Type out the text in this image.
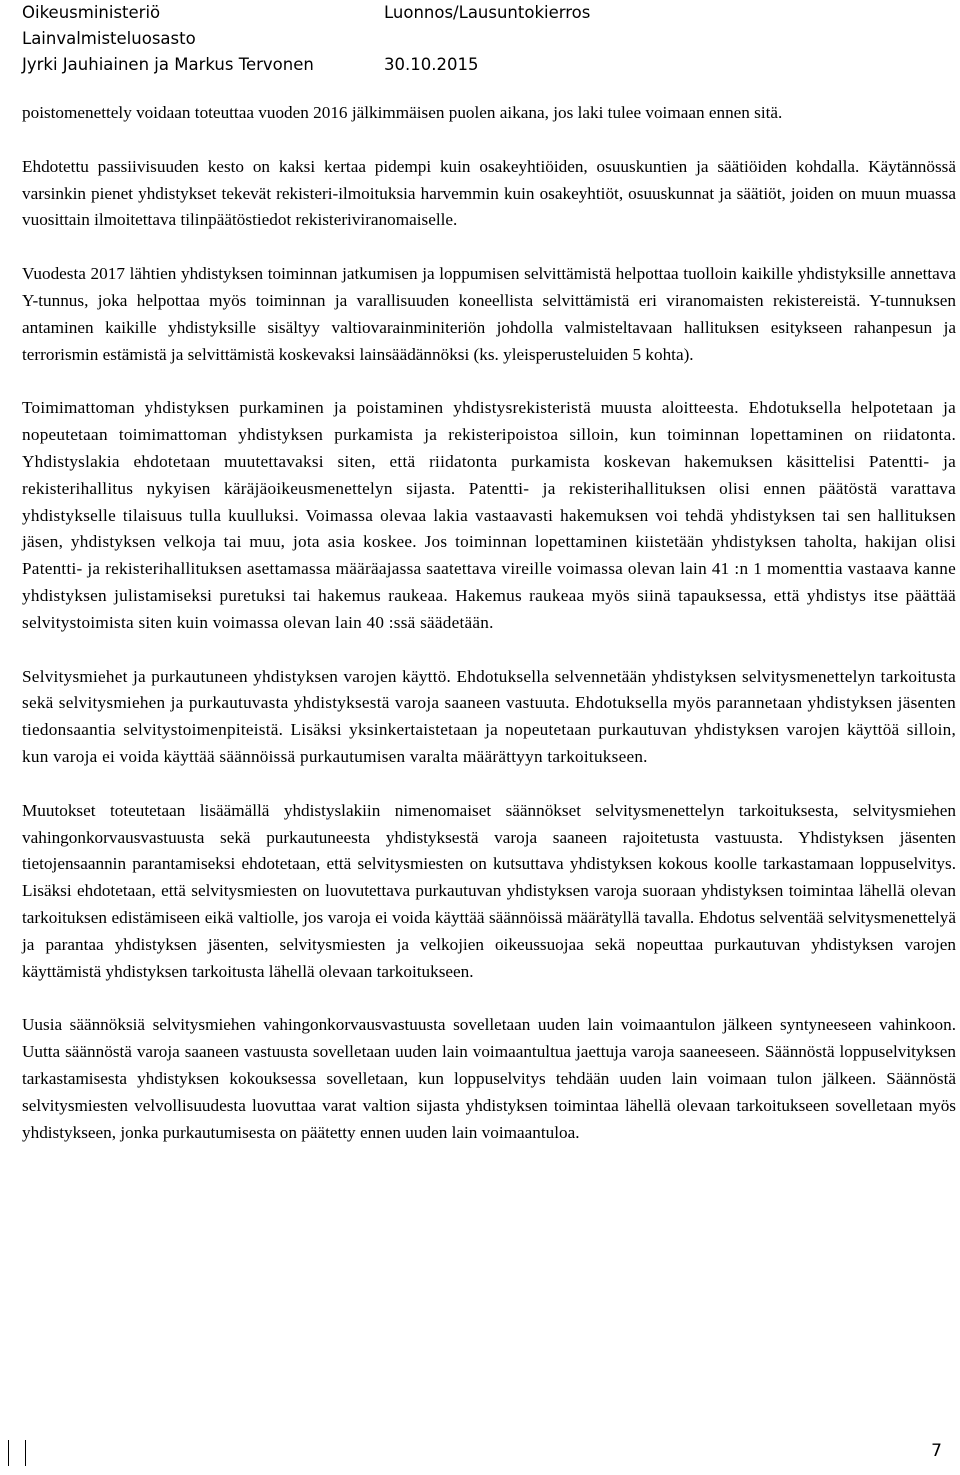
Oikeusministeriö	Luonnos/Lausuntokierros
Lainvalmisteluosasto
Jyrki Jauhiainen ja Markus Tervonen	30.10.2015

poistomenettely voidaan toteuttaa vuoden 2016 jälkimmäisen puolen aikana, jos laki tulee voimaan ennen sitä.

Ehdotettu passiivisuuden kesto on kaksi kertaa pidempi kuin osakeyhtiöiden, osuuskuntien ja säätiöiden kohdalla. Käytännössä varsinkin pienet yhdistykset tekevät rekisteri-ilmoituksia harvemmin kuin osakeyhtiöt, osuuskunnat ja säätiöt, joiden on muun muassa vuosittain ilmoitettava tilinpäätöstiedot rekisteriviranomaiselle.

Vuodesta 2017 lähtien yhdistyksen toiminnan jatkumisen ja loppumisen selvittämistä helpottaa tuolloin kaikille yhdistyksille annettava Y-tunnus, joka helpottaa myös toiminnan ja varallisuuden koneellista selvittämistä eri viranomaisten rekistereistä. Y-tunnuksen antaminen kaikille yhdistyksille sisältyy valtiovarainminiteriön johdolla valmisteltavaan hallituksen esitykseen rahanpesun ja terrorismin estämistä ja selvittämistä koskevaksi lainsäädännöksi (ks. yleisperusteluiden 5 kohta).

Toimimattoman yhdistyksen purkaminen ja poistaminen yhdistysrekisteristä muusta aloitteesta. Ehdotuksella helpotetaan ja nopeutetaan toimimattoman yhdistyksen purkamista ja rekisteripoistoa silloin, kun toiminnan lopettaminen on riidatonta. Yhdistyslakia ehdotetaan muutettavaksi siten, että riidatonta purkamista koskevan hakemuksen käsittelisi Patentti- ja rekisterihallitus nykyisen käräjäoikeusmenettelyn sijasta. Patentti- ja rekisterihallituksen olisi ennen päätöstä varattava yhdistykselle tilaisuus tulla kuulluksi. Voimassa olevaa lakia vastaavasti hakemuksen voi tehdä yhdistyksen tai sen hallituksen jäsen, yhdistyksen velkoja tai muu, jota asia koskee. Jos toiminnan lopettaminen kiistetään yhdistyksen taholta, hakijan olisi Patentti- ja rekisterihallituksen asettamassa määräajassa saatettava vireille voimassa olevan lain 41 :n 1 momenttia vastaava kanne yhdistyksen julistamiseksi puretuksi tai hakemus raukeaa. Hakemus raukeaa myös siinä tapauksessa, että yhdistys itse päättää selvitystoimista siten kuin voimassa olevan lain 40 :ssä säädetään.

Selvitysmiehet ja purkautuneen yhdistyksen varojen käyttö. Ehdotuksella selvennetään yhdistyksen selvitysmenettelyn tarkoitusta sekä selvitysmiehen ja purkautuvasta yhdistyksestä varoja saaneen vastuuta. Ehdotuksella myös parannetaan yhdistyksen jäsenten tiedonsaantia selvitystoimenpiteistä. Lisäksi yksinkertaistetaan ja nopeutetaan purkautuvan yhdistyksen varojen käyttöä silloin, kun varoja ei voida käyttää säännöissä purkautumisen varalta määrättyyn tarkoitukseen.

Muutokset toteutetaan lisäämällä yhdistyslakiin nimenomaiset säännökset selvitysmenettelyn tarkoituksesta, selvitysmiehen vahingonkorvausvastuusta sekä purkautuneesta yhdistyksestä varoja saaneen rajoitetusta vastuusta. Yhdistyksen jäsenten tietojensaannin parantamiseksi ehdotetaan, että selvitysmiesten on kutsuttava yhdistyksen kokous koolle tarkastamaan loppuselvitys. Lisäksi ehdotetaan, että selvitysmiesten on luovutettava purkautuvan yhdistyksen varoja suoraan yhdistyksen toimintaa lähellä olevan tarkoituksen edistämiseen eikä valtiolle, jos varoja ei voida käyttää säännöissä määrätyllä tavalla. Ehdotus selventää selvitysmenettelyä ja parantaa yhdistyksen jäsenten, selvitysmiesten ja velkojien oikeussuojaa sekä nopeuttaa purkautuvan yhdistyksen varojen käyttämistä yhdistyksen tarkoitusta lähellä olevaan tarkoitukseen.

Uusia säännöksiä selvitysmiehen vahingonkorvausvastuusta sovelletaan uuden lain voimaantulon jälkeen syntyneeseen vahinkoon. Uutta säännöstä varoja saaneen vastuusta sovelletaan uuden lain voimaantultua jaettuja varoja saaneeseen. Säännöstä loppuselvityksen tarkastamisesta yhdistyksen kokouksessa sovelletaan, kun loppuselvitys tehdään uuden lain voimaan tulon jälkeen. Säännöstä selvitysmiesten velvollisuudesta luovuttaa varat valtion sijasta yhdistyksen toimintaa lähellä olevaan tarkoitukseen sovelletaan myös yhdistykseen, jonka purkautumisesta on päätetty ennen uuden lain voimaantuloa.

7
